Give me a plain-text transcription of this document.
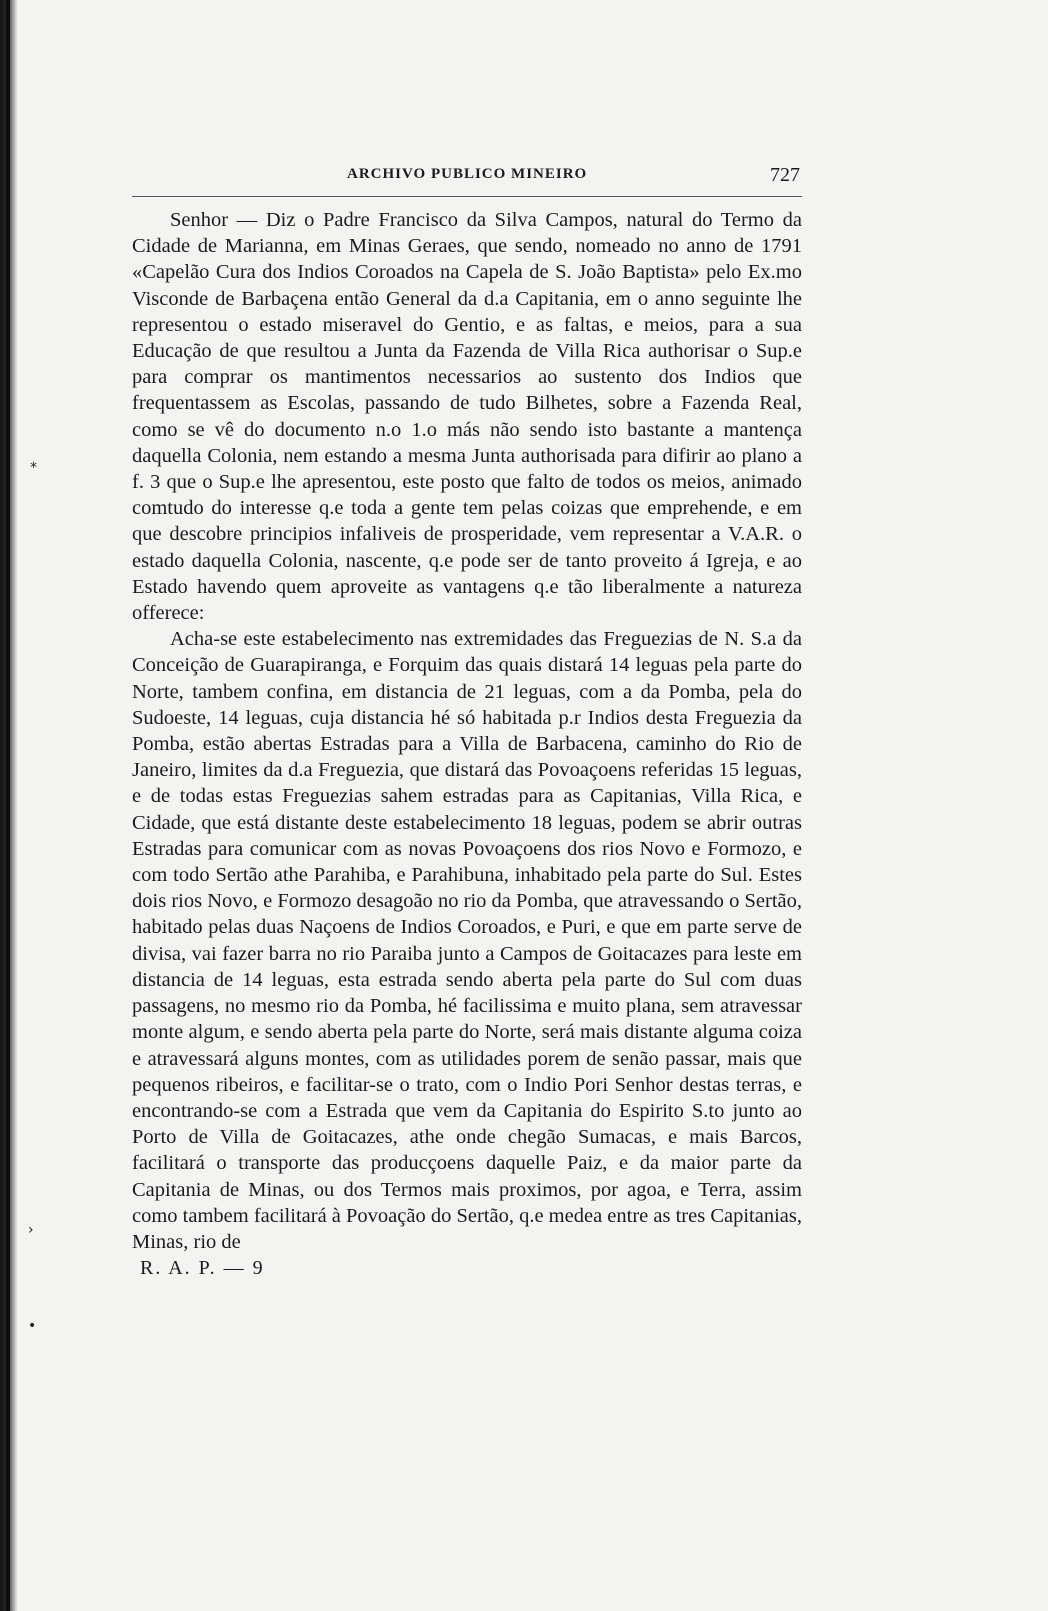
*
›
•
ARCHIVO PUBLICO MINEIRO	727

Senhor — Diz o Padre Francisco da Silva Campos, natural do Termo da Cidade de Marianna, em Minas Geraes, que sendo, nomeado no anno de 1791 «Capelão Cura dos Indios Coroados na Capela de S. João Baptista» pelo Ex.mo Visconde de Barbaçena então General da d.a Capitania, em o anno seguinte lhe representou o estado miseravel do Gentio, e as faltas, e meios, para a sua Educação de que resultou a Junta da Fazenda de Villa Rica authorisar o Sup.e para comprar os mantimentos necessarios ao sustento dos Indios que frequentassem as Escolas, passando de tudo Bilhetes, sobre a Fazenda Real, como se vê do documento n.o 1.o más não sendo isto bastante a mantença daquella Colonia, nem estando a mesma Junta authorisada para difirir ao plano a f. 3 que o Sup.e lhe apresentou, este posto que falto de todos os meios, animado comtudo do interesse q.e toda a gente tem pelas coizas que emprehende, e em que descobre principios infaliveis de prosperidade, vem representar a V.A.R. o estado daquella Colonia, nascente, q.e pode ser de tanto proveito á Igreja, e ao Estado havendo quem aproveite as vantagens q.e tão liberalmente a natureza offerece:

Acha-se este estabelecimento nas extremidades das Freguezias de N. S.a da Conceição de Guarapiranga, e Forquim das quais distará 14 leguas pela parte do Norte, tambem confina, em distancia de 21 leguas, com a da Pomba, pela do Sudoeste, 14 leguas, cuja distancia hé só habitada p.r Indios desta Freguezia da Pomba, estão abertas Estradas para a Villa de Barbacena, caminho do Rio de Janeiro, limites da d.a Freguezia, que distará das Povoaçoens referidas 15 leguas, e de todas estas Freguezias sahem estradas para as Capitanias, Villa Rica, e Cidade, que está distante deste estabelecimento 18 leguas, podem se abrir outras Estradas para comunicar com as novas Povoaçoens dos rios Novo e Formozo, e com todo Sertão athe Parahiba, e Parahibuna, inhabitado pela parte do Sul. Estes dois rios Novo, e Formozo desagoão no rio da Pomba, que atravessando o Sertão, habitado pelas duas Naçoens de Indios Coroados, e Puri, e que em parte serve de divisa, vai fazer barra no rio Paraiba junto a Campos de Goitacazes para leste em distancia de 14 leguas, esta estrada sendo aberta pela parte do Sul com duas passagens, no mesmo rio da Pomba, hé facilissima e muito plana, sem atravessar monte algum, e sendo aberta pela parte do Norte, será mais distante alguma coiza e atravessará alguns montes, com as utilidades porem de senão passar, mais que pequenos ribeiros, e facilitar-se o trato, com o Indio Pori Senhor destas terras, e encontrando-se com a Estrada que vem da Capitania do Espirito S.to junto ao Porto de Villa de Goitacazes, athe onde chegão Sumacas, e mais Barcos, facilitará o transporte das producçoens daquelle Paiz, e da maior parte da Capitania de Minas, ou dos Termos mais proximos, por agoa, e Terra, assim como tambem facilitará à Povoação do Sertão, q.e medea entre as tres Capitanias, Minas, rio de

R. A. P. — 9
